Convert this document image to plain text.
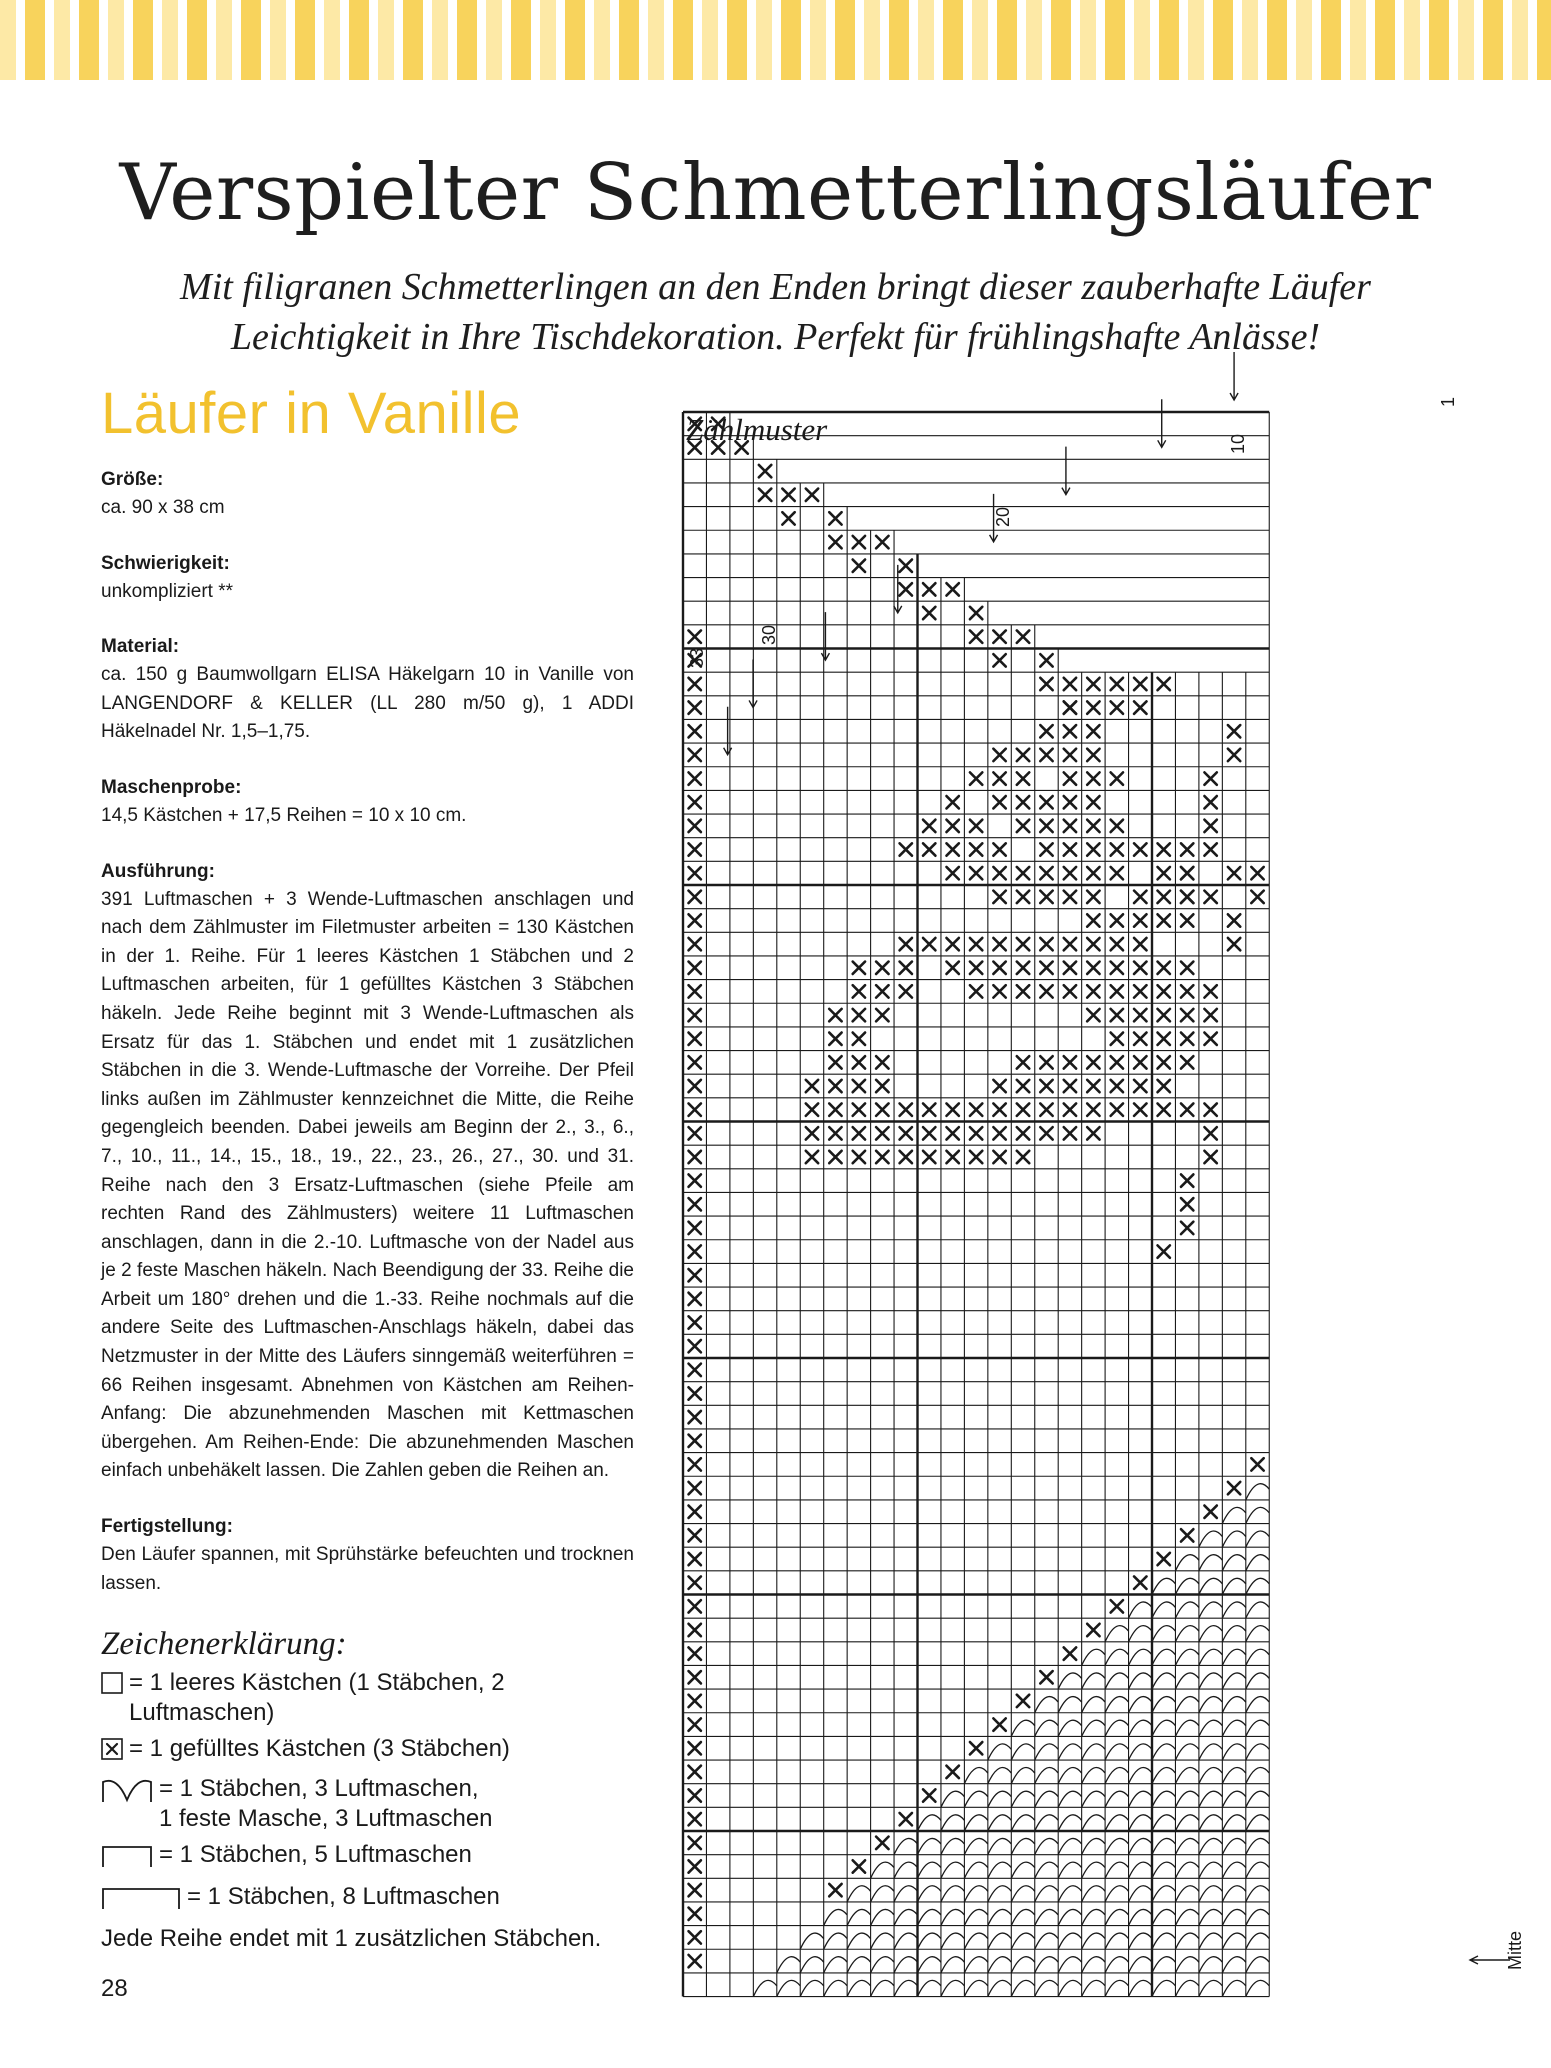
Verspielter Schmetterlingsläufer
Mit filigranen Schmetterlingen an den Enden bringt dieser zauberhafte Läufer
Leichtigkeit in Ihre Tischdekoration. Perfekt für frühlingshafte Anlässe!
Läufer in Vanille
Größe:
ca. 90 x 38 cm
Schwierigkeit:
unkompliziert **
Material:
ca. 150 g Baumwollgarn ELISA Häkelgarn 10 in Vanille von LANGENDORF & KELLER (LL 280 m/50 g), 1 ADDI Häkelnadel Nr. 1,5–1,75.
Maschenprobe:
14,5 Kästchen + 17,5 Reihen = 10 x 10 cm.
Ausführung:
391 Luftmaschen + 3 Wende-Luftmaschen anschlagen und nach dem Zählmuster im Filetmuster arbeiten = 130 Kästchen in der 1. Reihe. Für 1 leeres Kästchen 1 Stäbchen und 2 Luftmaschen arbeiten, für 1 gefülltes Kästchen 3 Stäbchen häkeln. Jede Reihe beginnt mit 3 Wende-Luftmaschen als Ersatz für das 1. Stäbchen und endet mit 1 zusätzlichen Stäbchen in die 3. Wende-Luftmasche der Vorreihe. Der Pfeil links außen im Zählmuster kennzeichnet die Mitte, die Reihe gegengleich beenden. Dabei jeweils am Beginn der 2., 3., 6., 7., 10., 11., 14., 15., 18., 19., 22., 23., 26., 27., 30. und 31. Reihe nach den 3 Ersatz-Luftmaschen (siehe Pfeile am rechten Rand des Zählmusters) weitere 11 Luftmaschen anschlagen, dann in die 2.-10. Luftmasche von der Nadel aus je 2 feste Maschen häkeln. Nach Beendigung der 33. Reihe die Arbeit um 180° drehen und die 1.-33. Reihe nochmals auf die andere Seite des Luftmaschen-Anschlags häkeln, dabei das Netzmuster in der Mitte des Läufers sinngemäß weiterführen = 66 Reihen insgesamt. Abnehmen von Kästchen am Reihen-Anfang: Die abzunehmenden Maschen mit Kettmaschen übergehen. Am Reihen-Ende: Die abzunehmenden Maschen einfach unbehäkelt lassen. Die Zahlen geben die Reihen an.
Fertigstellung:
Den Läufer spannen, mit Sprühstärke befeuchten und trocknen lassen.
Zeichenerklärung:
= 1 leeres Kästchen (1 Stäbchen, 2 Luftmaschen)
= 1 gefülltes Kästchen (3 Stäbchen)
= 1 Stäbchen, 3 Luftmaschen,
1 feste Masche, 3 Luftmaschen
= 1 Stäbchen, 5 Luftmaschen
= 1 Stäbchen, 8 Luftmaschen
Jede Reihe endet mit 1 zusätzlichen Stäbchen.
Zählmuster
1
10
20
30
33
Mitte
28
